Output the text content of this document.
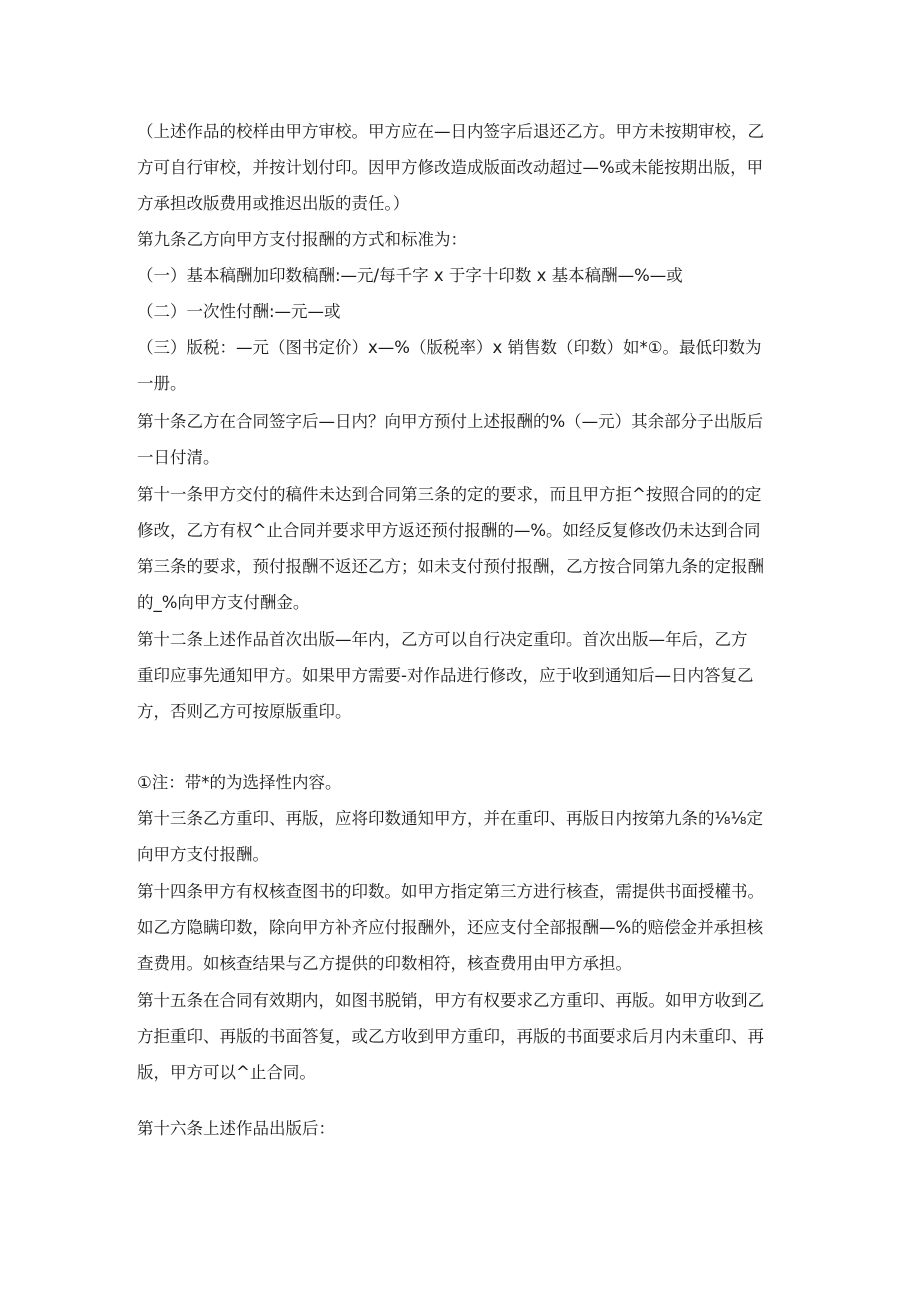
（上述作品的校样由甲方审校。甲方应在—日内签字后退还乙方。甲方未按期审校，乙
方可自行审校，并按计划付印。因甲方修改造成版面改动超过—%或未能按期出版，甲
方承担改版费用或推迟出版的责任。）

第九条乙方向甲方支付报酬的方式和标准为：

（一）基本稿酬加印数稿酬:—元/每千字 x 于字十印数 x 基本稿酬—%—或

（二）一次性付酬:—元—或

（三）版税：—元（图书定价）x—%（版税率）x 销售数（印数）如*①。最低印数为
一册。

第十条乙方在合同签字后—日内？向甲方预付上述报酬的%（—元）其余部分子出版后
一日付清。

第十一条甲方交付的稿件未达到合同第三条的定的要求，而且甲方拒^按照合同的的定
修改，乙方有权^止合同并要求甲方返还预付报酬的—%。如经反复修改仍未达到合同
第三条的要求，预付报酬不返还乙方；如未支付预付报酬，乙方按合同第九条的定报酬
的_%向甲方支付酬金。

第十二条上述作品首次出版—年内，乙方可以自行决定重印。首次出版—年后，乙方
重印应事先通知甲方。如果甲方需要-对作品进行修改，应于收到通知后—日内答复乙
方，否则乙方可按原版重印。

①注：带*的为选择性内容。

第十三条乙方重印、再版，应将印数通知甲方，并在重印、再版日内按第九条的⅛⅛定
向甲方支付报酬。

第十四条甲方有权核查图书的印数。如甲方指定第三方进行核查，需提供书面授權书。
如乙方隐瞒印数，除向甲方补齐应付报酬外，还应支付全部报酬—%的赔偿金并承担核
查费用。如核查结果与乙方提供的印数相符，核查费用由甲方承担。

第十五条在合同有效期内，如图书脱销，甲方有权要求乙方重印、再版。如甲方收到乙
方拒重印、再版的书面答复，或乙方收到甲方重印，再版的书面要求后月内未重印、再
版，甲方可以^止合同。

第十六条上述作品出版后：
